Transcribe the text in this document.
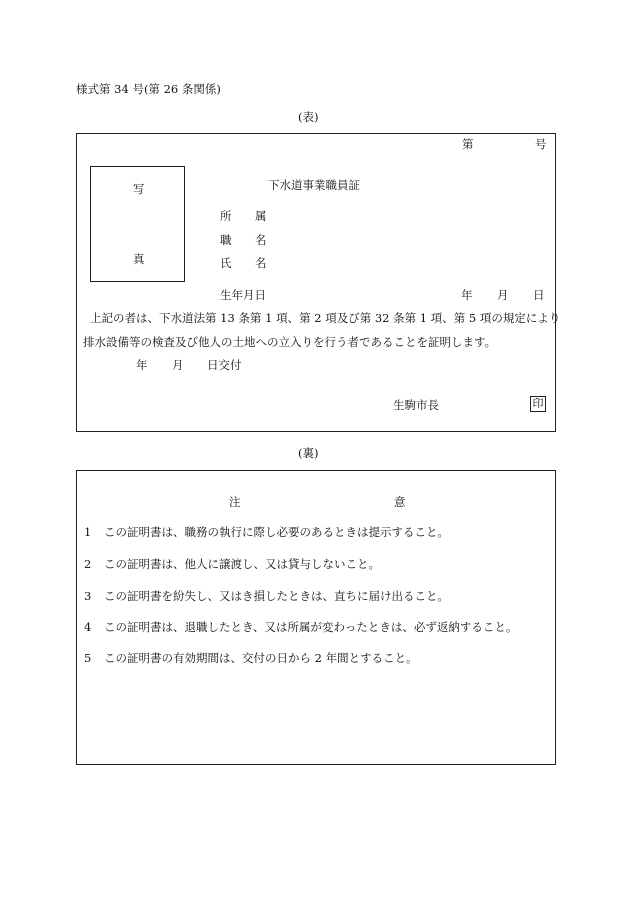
様式第 34 号(第 26 条関係)
(表)
第	号
写
真
下水道事業職員証
所 属
職 名
氏 名
生年月日	年 月 日
上記の者は、下水道法第 13 条第 1 項、第 2 項及び第 32 条第 1 項、第 5 項の規定により
排水設備等の検査及び他人の土地への立入りを行う者であることを証明します。
年 月 日交付
生駒市長	印
(裏)
注	意
1 この証明書は、職務の執行に際し必要のあるときは提示すること。
2 この証明書は、他人に譲渡し、又は貸与しないこと。
3 この証明書を紛失し、又はき損したときは、直ちに届け出ること。
4 この証明書は、退職したとき、又は所属が変わったときは、必ず返納すること。
5 この証明書の有効期間は、交付の日から 2 年間とすること。
